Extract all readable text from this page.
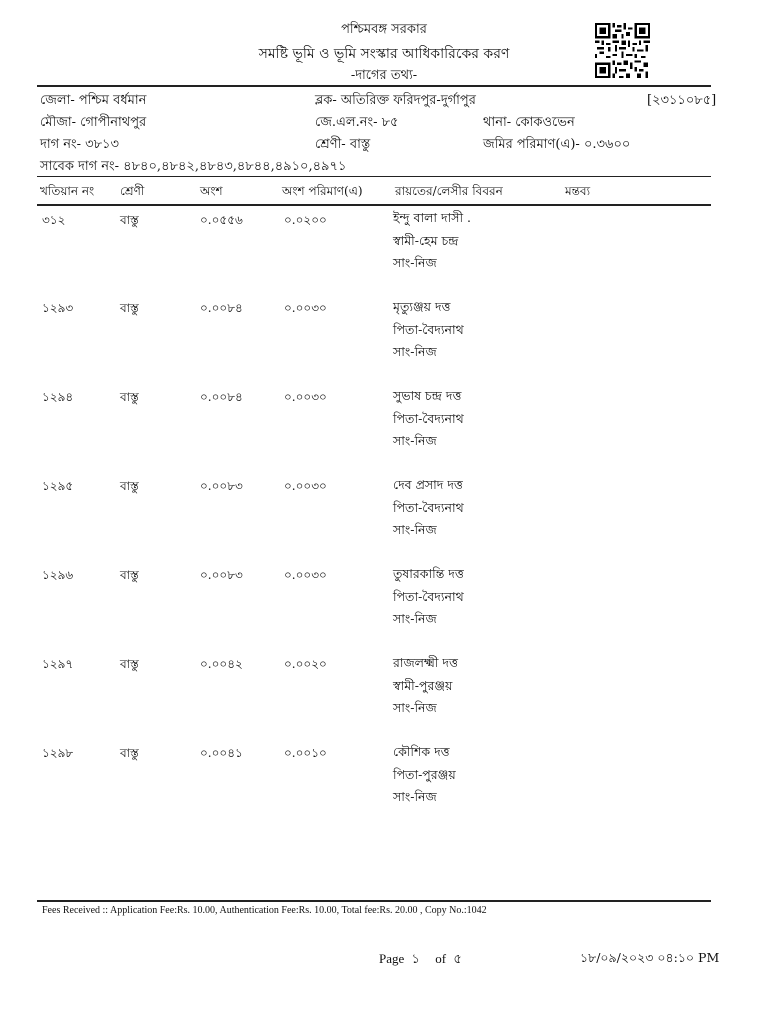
পশ্চিমবঙ্গ সরকার
সমষ্টি ভূমি ও ভূমি সংস্কার আধিকারিকের করণ
-দাগের তথ্য-
জেলা- পশ্চিম বর্ধমান	ব্লক- অতিরিক্ত ফরিদপুর-দুর্গাপুর	[২৩১১০৮৫]
মৌজা- গোপীনাথপুর	জে.এল.নং- ৮৫	থানা- কোকওভেন
দাগ নং- ৩৮১৩	শ্রেণী- বাস্তু	জমির পরিমাণ(এ)- ০.৩৬০০
সাবেক দাগ নং- ৪৮৪০,৪৮৪২,৪৮৪৩,৪৮৪৪,৪৯১০,৪৯৭১
খতিয়ান নং শ্রেণী	অংশ	অংশ পরিমাণ(এ)	রায়তের/লেসীর বিবরন	মন্তব্য
৩১২	বাস্তু	০.০৫৫৬	০.০২০০	ইন্দু বালা দাসী .
স্বামী-হেম চন্দ্র
সাং-নিজ
১২৯৩	বাস্তু	০.০০৮৪	০.০০৩০	মৃত্যুঞ্জয় দত্ত
পিতা-বৈদ্যনাথ
সাং-নিজ
১২৯৪	বাস্তু	০.০০৮৪	০.০০৩০	সুভাষ চন্দ্র দত্ত
পিতা-বৈদ্যনাথ
সাং-নিজ
১২৯৫	বাস্তু	০.০০৮৩	০.০০৩০	দেব প্রসাদ দত্ত
পিতা-বৈদ্যনাথ
সাং-নিজ
১২৯৬	বাস্তু	০.০০৮৩	০.০০৩০	তুষারকান্তি দত্ত
পিতা-বৈদ্যনাথ
সাং-নিজ
১২৯৭	বাস্তু	০.০০৪২	০.০০২০	রাজলক্ষ্মী দত্ত
স্বামী-পুরঞ্জয়
সাং-নিজ
১২৯৮	বাস্তু	০.০০৪১	০.০০১০	কৌশিক দত্ত
পিতা-পুরঞ্জয়
সাং-নিজ
Fees Received :: Application Fee:Rs. 10.00, Authentication Fee:Rs. 10.00, Total fee:Rs. 20.00 , Copy No.:1042
Page ১ of ৫	১৮/০৯/২০২৩ ০৪:১০ PM
